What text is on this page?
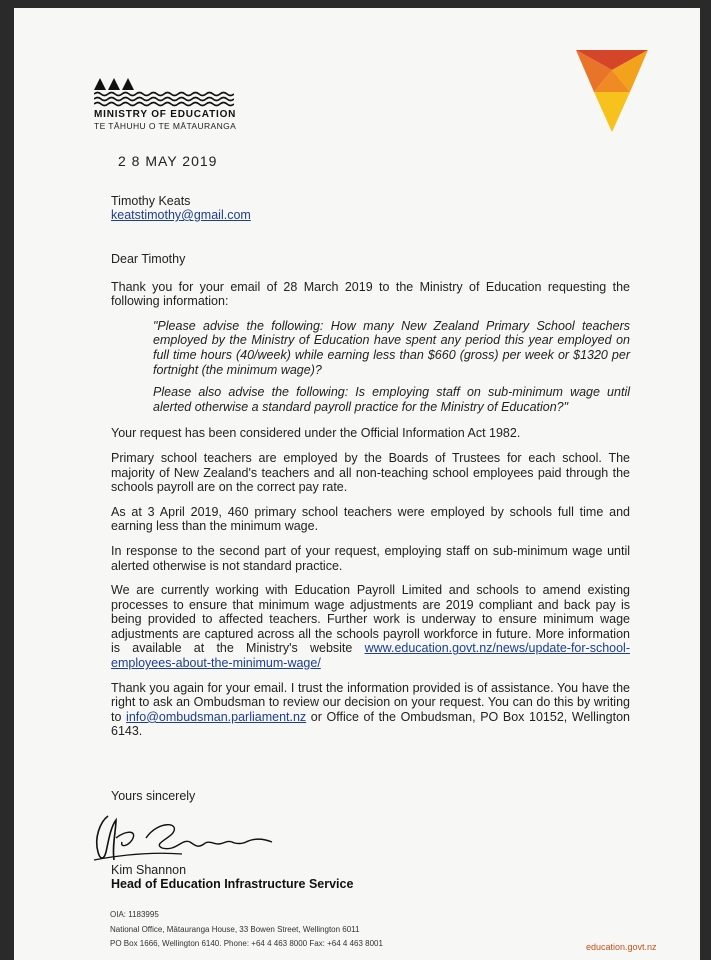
MINISTRY OF EDUCATION
TE TĀHUHU O TE MĀTAURANGA
2 8 MAY 2019
Timothy Keats
keatstimothy@gmail.com

Dear Timothy

Thank you for your email of 28 March 2019 to the Ministry of Education requesting the following information:

"Please advise the following: How many New Zealand Primary School teachers employed by the Ministry of Education have spent any period this year employed on full time hours (40/week) while earning less than $660 (gross) per week or $1320 per fortnight (the minimum wage)?

Please also advise the following: Is employing staff on sub-minimum wage until alerted otherwise a standard payroll practice for the Ministry of Education?"

Your request has been considered under the Official Information Act 1982.

Primary school teachers are employed by the Boards of Trustees for each school. The majority of New Zealand's teachers and all non-teaching school employees paid through the schools payroll are on the correct pay rate.

As at 3 April 2019, 460 primary school teachers were employed by schools full time and earning less than the minimum wage.

In response to the second part of your request, employing staff on sub-minimum wage until alerted otherwise is not standard practice.

We are currently working with Education Payroll Limited and schools to amend existing processes to ensure that minimum wage adjustments are 2019 compliant and back pay is being provided to affected teachers. Further work is underway to ensure minimum wage adjustments are captured across all the schools payroll workforce in future. More information is available at the Ministry's website www.education.govt.nz/news/update-for-school-employees-about-the-minimum-wage/

Thank you again for your email. I trust the information provided is of assistance. You have the right to ask an Ombudsman to review our decision on your request. You can do this by writing to info@ombudsman.parliament.nz or Office of the Ombudsman, PO Box 10152, Wellington 6143.

Yours sincerely
Kim Shannon
Head of Education Infrastructure Service
OIA: 1183995
National Office, Mātauranga House, 33 Bowen Street, Wellington 6011
PO Box 1666, Wellington 6140. Phone: +64 4 463 8000 Fax: +64 4 463 8001	education.govt.nz
